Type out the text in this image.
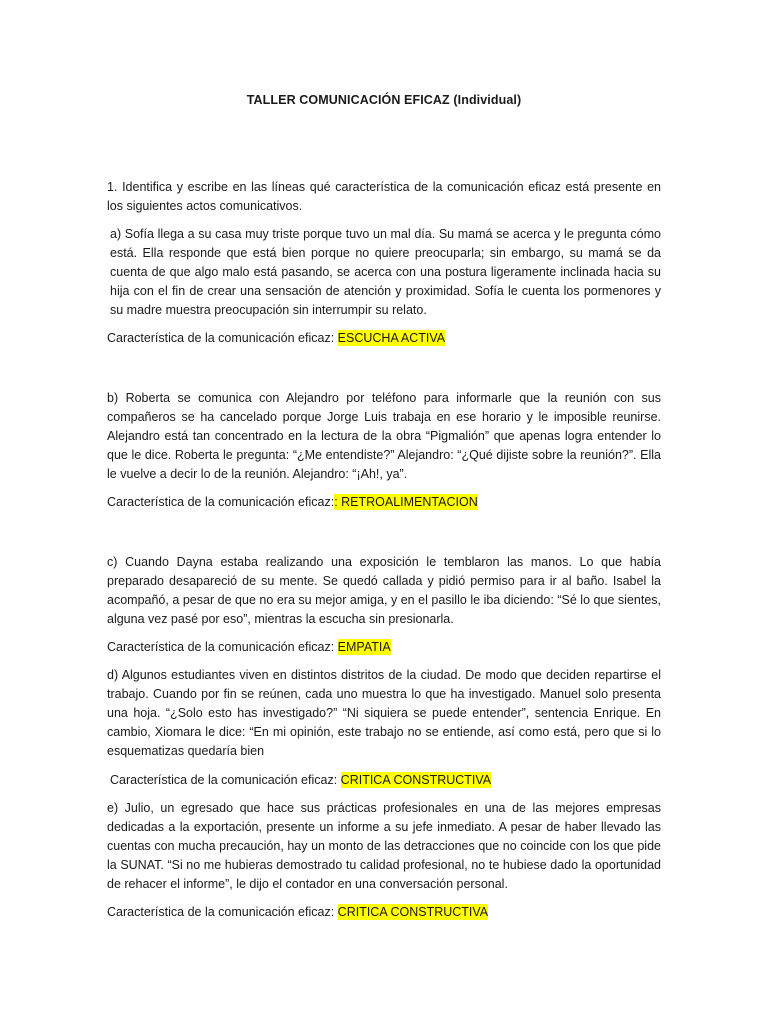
TALLER COMUNICACIÓN EFICAZ (Individual)

1. Identifica y escribe en las líneas qué característica de la comunicación eficaz está presente en los siguientes actos comunicativos.

a) Sofía llega a su casa muy triste porque tuvo un mal día. Su mamá se acerca y le pregunta cómo está. Ella responde que está bien porque no quiere preocuparla; sin embargo, su mamá se da cuenta de que algo malo está pasando, se acerca con una postura ligeramente inclinada hacia su hija con el fin de crear una sensación de atención y proximidad. Sofía le cuenta los pormenores y su madre muestra preocupación sin interrumpir su relato.

Característica de la comunicación eficaz: ESCUCHA ACTIVA

b) Roberta se comunica con Alejandro por teléfono para informarle que la reunión con sus compañeros se ha cancelado porque Jorge Luis trabaja en ese horario y le imposible reunirse. Alejandro está tan concentrado en la lectura de la obra “Pigmalión” que apenas logra entender lo que le dice. Roberta le pregunta: “¿Me entendiste?” Alejandro: “¿Qué dijiste sobre la reunión?”. Ella le vuelve a decir lo de la reunión. Alejandro: “¡Ah!, ya”.

Característica de la comunicación eficaz:: RETROALIMENTACION

c) Cuando Dayna estaba realizando una exposición le temblaron las manos. Lo que había preparado desapareció de su mente. Se quedó callada y pidió permiso para ir al baño. Isabel la acompañó, a pesar de que no era su mejor amiga, y en el pasillo le iba diciendo: “Sé lo que sientes, alguna vez pasé por eso”, mientras la escucha sin presionarla.

Característica de la comunicación eficaz: EMPATIA

d) Algunos estudiantes viven en distintos distritos de la ciudad. De modo que deciden repartirse el trabajo. Cuando por fin se reúnen, cada uno muestra lo que ha investigado. Manuel solo presenta una hoja. “¿Solo esto has investigado?” “Ni siquiera se puede entender”, sentencia Enrique. En cambio, Xiomara le dice: “En mi opinión, este trabajo no se entiende, así como está, pero que si lo esquematizas quedaría bien

Característica de la comunicación eficaz: CRITICA CONSTRUCTIVA

e) Julio, un egresado que hace sus prácticas profesionales en una de las mejores empresas dedicadas a la exportación, presente un informe a su jefe inmediato. A pesar de haber llevado las cuentas con mucha precaución, hay un monto de las detracciones que no coincide con los que pide la SUNAT. “Si no me hubieras demostrado tu calidad profesional, no te hubiese dado la oportunidad de rehacer el informe”, le dijo el contador en una conversación personal.

Característica de la comunicación eficaz: CRITICA CONSTRUCTIVA
